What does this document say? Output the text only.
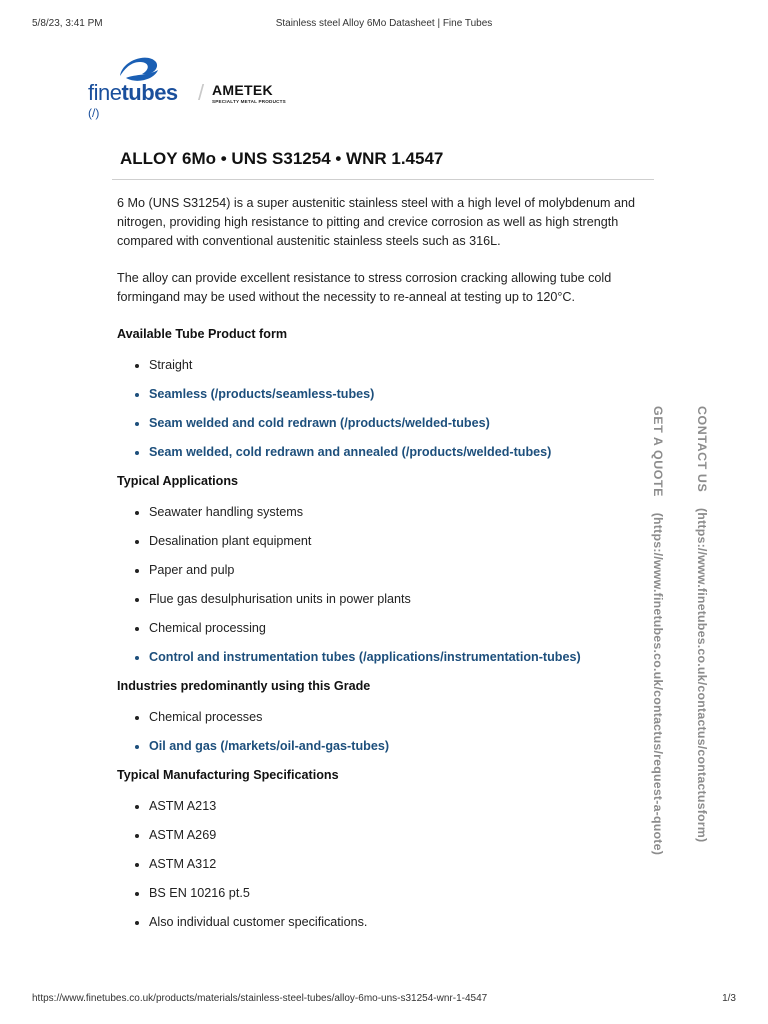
5/8/23, 3:41 PM	Stainless steel Alloy 6Mo Datasheet | Fine Tubes
finetubes / AMETEK
SPECIALTY METAL PRODUCTS
(/)
ALLOY 6Mo • UNS S31254 • WNR 1.4547

6 Mo (UNS S31254) is a super austenitic stainless steel with a high level of molybdenum and nitrogen, providing high resistance to pitting and crevice corrosion as well as high strength compared with conventional austenitic stainless steels such as 316L.

The alloy can provide excellent resistance to stress corrosion cracking allowing tube cold formingand may be used without the necessity to re-anneal at testing up to 120°C.

Available Tube Product form
• Straight
• Seamless (/products/seamless-tubes)
• Seam welded and cold redrawn (/products/welded-tubes)
• Seam welded, cold redrawn and annealed (/products/welded-tubes)
Typical Applications
• Seawater handling systems
• Desalination plant equipment
• Paper and pulp
• Flue gas desulphurisation units in power plants
• Chemical processing
• Control and instrumentation tubes (/applications/instrumentation-tubes)
Industries predominantly using this Grade
• Chemical processes
• Oil and gas (/markets/oil-and-gas-tubes)
Typical Manufacturing Specifications
• ASTM A213
• ASTM A269
• ASTM A312
• BS EN 10216 pt.5
• Also individual customer specifications.
GET A QUOTE (https://www.finetubes.co.uk/contactus/request-a-quote)
CONTACT US (https://www.finetubes.co.uk/contactus/contactusform)
https://www.finetubes.co.uk/products/materials/stainless-steel-tubes/alloy-6mo-uns-s31254-wnr-1-4547	1/3
